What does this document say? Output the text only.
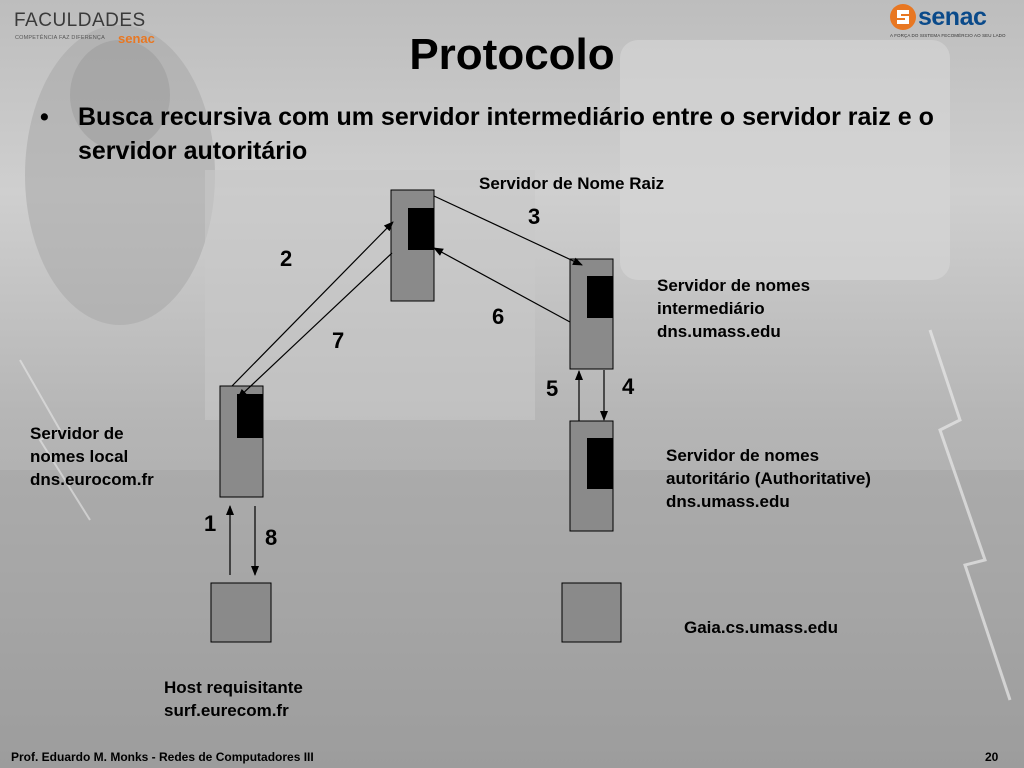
FACULDADES
COMPETÊNCIA FAZ DIFERENÇA senac
senac
A FORÇA DO SISTEMA FECOMÉRCIO AO SEU LADO
Protocolo
• Busca recursiva com um servidor intermediário entre o servidor raiz e o servidor autoritário
1
2
3
4
5
6
7
8
Servidor de Nome Raiz
Servidor de nomes
intermediário
dns.umass.edu
Servidor de nomes
autoritário (Authoritative)
dns.umass.edu
Servidor de
nomes local
dns.eurocom.fr
Host requisitante
surf.eurecom.fr
Gaia.cs.umass.edu
Prof. Eduardo M. Monks - Redes de Computadores III	20
